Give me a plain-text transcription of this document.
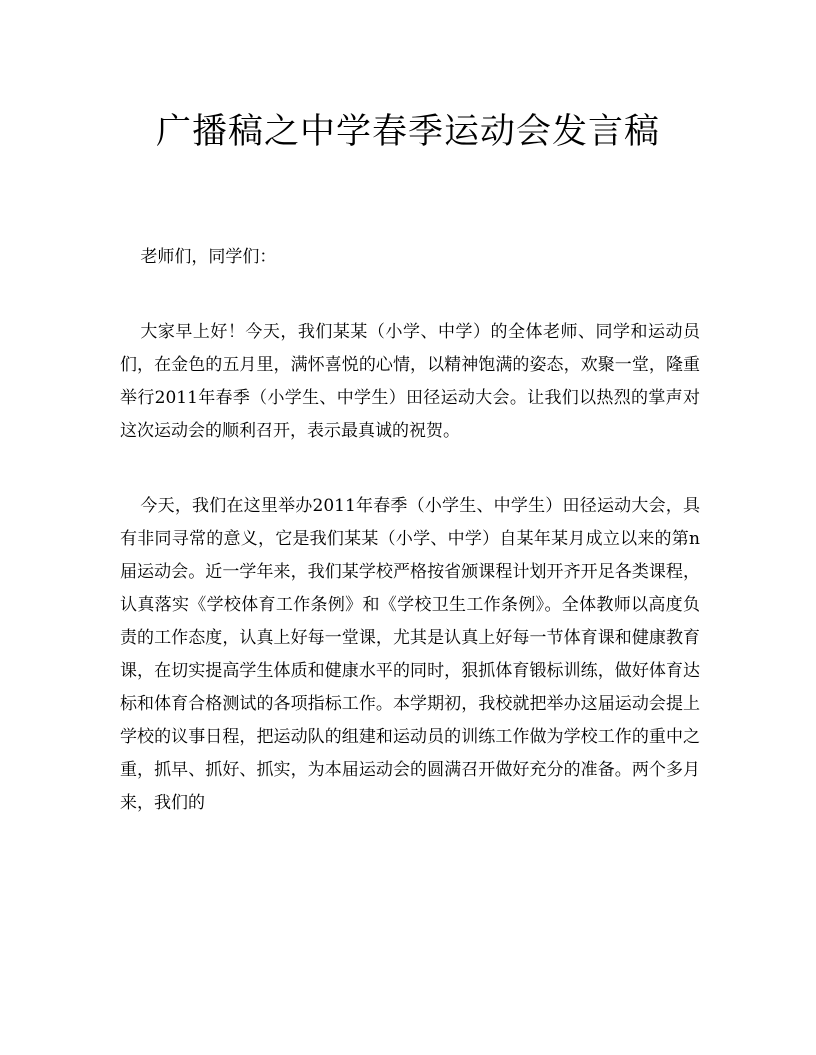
广播稿之中学春季运动会发言稿

老师们，同学们：

大家早上好！今天，我们某某（小学、中学）的全体老师、同学和运动员们，在金色的五月里，满怀喜悦的心情，以精神饱满的姿态，欢聚一堂，隆重举行2011年春季（小学生、中学生）田径运动大会。让我们以热烈的掌声对这次运动会的顺利召开，表示最真诚的祝贺。

今天，我们在这里举办2011年春季（小学生、中学生）田径运动大会，具有非同寻常的意义，它是我们某某（小学、中学）自某年某月成立以来的第n届运动会。近一学年来，我们某学校严格按省颁课程计划开齐开足各类课程，认真落实《学校体育工作条例》和《学校卫生工作条例》。全体教师以高度负责的工作态度，认真上好每一堂课，尤其是认真上好每一节体育课和健康教育课，在切实提高学生体质和健康水平的同时，狠抓体育锻标训练，做好体育达标和体育合格测试的各项指标工作。本学期初，我校就把举办这届运动会提上学校的议事日程，把运动队的组建和运动员的训练工作做为学校工作的重中之重，抓早、抓好、抓实，为本届运动会的圆满召开做好充分的准备。两个多月来，我们的
